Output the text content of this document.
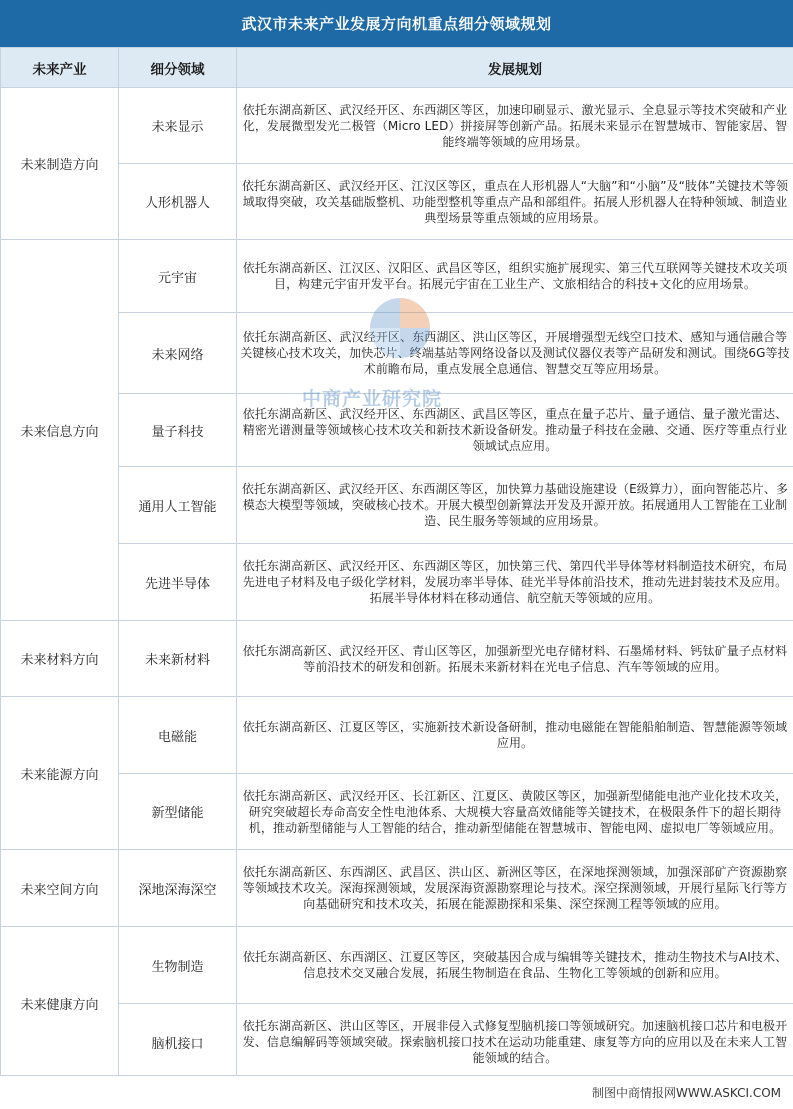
武汉市未来产业发展方向机重点细分领域规划
未来产业	细分领域	发展规划
未来制造方向	未来显示	依托东湖高新区、武汉经开区、东西湖区等区，加速印刷显示、激光显示、全息显示等技术突破和产业化，发展微型发光二极管（Micro LED）拼接屏等创新产品。拓展未来显示在智慧城市、智能家居、智能终端等领域的应用场景。
	人形机器人	依托东湖高新区、武汉经开区、江汉区等区，重点在人形机器人“大脑”和“小脑”及“肢体”关键技术等领域取得突破，攻关基础版整机、功能型整机等重点产品和部组件。拓展人形机器人在特种领域、制造业典型场景等重点领域的应用场景。
未来信息方向	元宇宙	依托东湖高新区、江汉区、汉阳区、武昌区等区，组织实施扩展现实、第三代互联网等关键技术攻关项目，构建元宇宙开发平台。拓展元宇宙在工业生产、文旅相结合的科技+文化的应用场景。
	未来网络	依托东湖高新区、武汉经开区、东西湖区、洪山区等区，开展增强型无线空口技术、感知与通信融合等关键核心技术攻关，加快芯片、终端基站等网络设备以及测试仪器仪表等产品研发和测试。围绕6G等技术前瞻布局，重点发展全息通信、智慧交互等应用场景。
	量子科技	依托东湖高新区、武汉经开区、东西湖区、武昌区等区，重点在量子芯片、量子通信、量子激光雷达、精密光谱测量等领域核心技术攻关和新技术新设备研发。推动量子科技在金融、交通、医疗等重点行业领域试点应用。
	通用人工智能	依托东湖高新区、武汉经开区、东西湖区等区，加快算力基础设施建设（E级算力），面向智能芯片、多模态大模型等领域，突破核心技术。开展大模型创新算法开发及开源开放。拓展通用人工智能在工业制造、民生服务等领域的应用场景。
	先进半导体	依托东湖高新区、武汉经开区、东西湖区等区，加快第三代、第四代半导体等材料制造技术研究，布局先进电子材料及电子级化学材料，发展功率半导体、硅光半导体前沿技术，推动先进封装技术及应用。拓展半导体材料在移动通信、航空航天等领域的应用。
未来材料方向	未来新材料	依托东湖高新区、武汉经开区、青山区等区，加强新型光电存储材料、石墨烯材料、钙钛矿量子点材料等前沿技术的研发和创新。拓展未来新材料在光电子信息、汽车等领域的应用。
未来能源方向	电磁能	依托东湖高新区、江夏区等区，实施新技术新设备研制，推动电磁能在智能船舶制造、智慧能源等领域应用。
	新型储能	依托东湖高新区、武汉经开区、长江新区、江夏区、黄陂区等区，加强新型储能电池产业化技术攻关，研究突破超长寿命高安全性电池体系、大规模大容量高效储能等关键技术，在极限条件下的超长期待机，推动新型储能与人工智能的结合，推动新型储能在智慧城市、智能电网、虚拟电厂等领域应用。
未来空间方向	深地深海深空	依托东湖高新区、东西湖区、武昌区、洪山区、新洲区等区，在深地探测领域，加强深部矿产资源勘察等领域技术攻关。深海探测领域，发展深海资源勘察理论与技术。深空探测领域，开展行星际飞行等方向基础研究和技术攻关，拓展在能源勘探和采集、深空探测工程等领域的应用。
未来健康方向	生物制造	依托东湖高新区、东西湖区、江夏区等区，突破基因合成与编辑等关键技术，推动生物技术与AI技术、信息技术交叉融合发展，拓展生物制造在食品、生物化工等领域的创新和应用。
	脑机接口	依托东湖高新区、洪山区等区，开展非侵入式修复型脑机接口等领域研究。加速脑机接口芯片和电极开发、信息编解码等领域突破。探索脑机接口技术在运动功能重建、康复等方向的应用以及在未来人工智能领域的结合。
中商产业研究院
制图中商情报网WWW.ASKCI.COM
